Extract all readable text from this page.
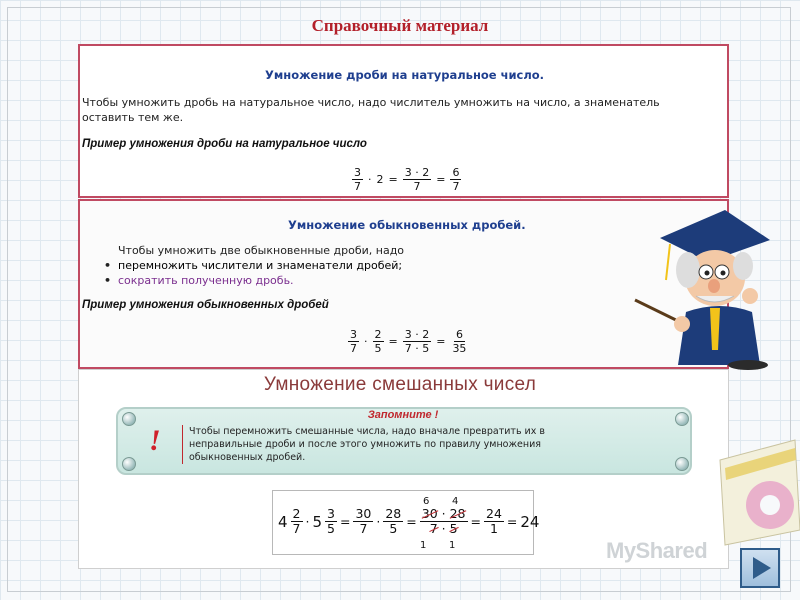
Справочный материал
Умножение дроби на натуральное число.
Чтобы умножить дробь на натуральное число, надо числитель умножить на число, а знаменатель
оставить тем же.
Пример умножения дроби на натуральное число
$\frac{3}{7} \cdot 2 = \frac{3 \cdot 2}{7} = \frac{6}{7}$
Умножение обыкновенных дробей.
Чтобы умножить две обыкновенные дроби, надо
• перемножить числители и знаменатели дробей;
• сократить полученную дробь.
Пример умножения обыкновенных дробей
$\frac{3}{7} \cdot \frac{2}{5} = \frac{3 \cdot 2}{7 \cdot 5} = \frac{6}{35}$
Умножение смешанных чисел
Запомните !
!	Чтобы перемножить смешанные числа, надо вначале превратить их в неправильные дроби и после этого умножить по правилу умножения обыкновенных дробей.
6 4
1 1
$4 \frac{2}{7} \cdot 5 \frac{3}{5} = \frac{30}{7} \cdot \frac{28}{5} = \frac{30 \cdot 28}{7 \cdot 5} = \frac{24}{1} = 24$
MyShared
